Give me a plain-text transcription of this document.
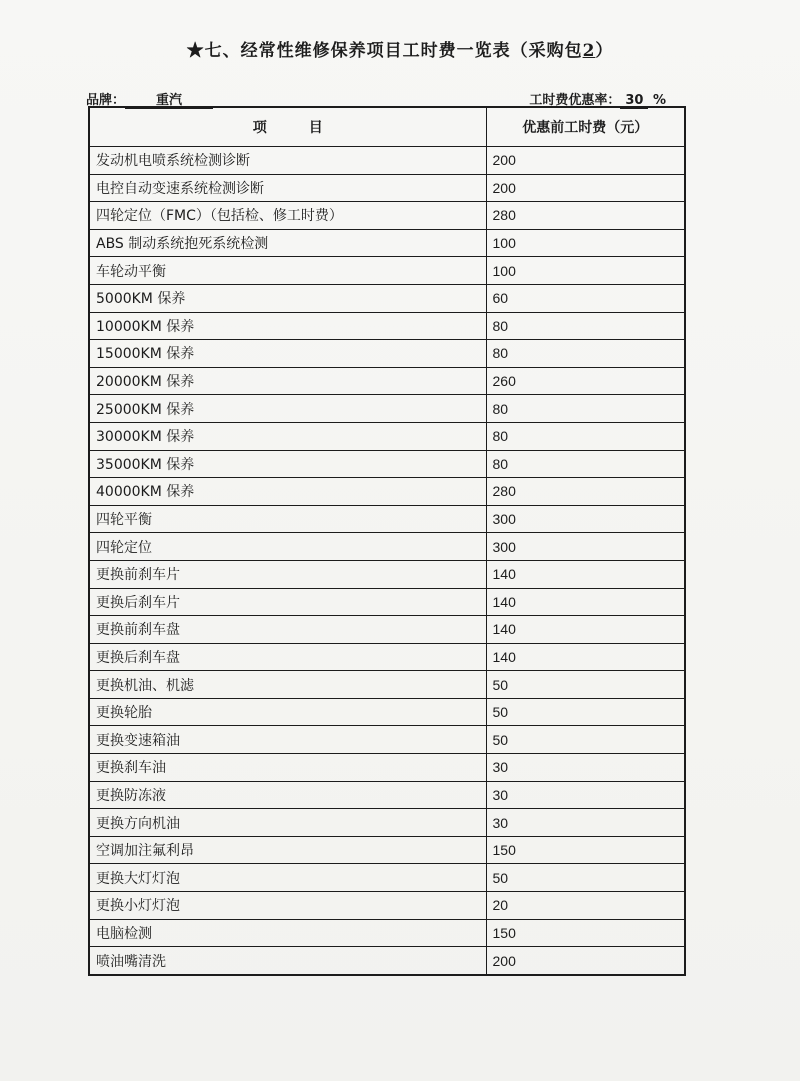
★七、经常性维修保养项目工时费一览表（采购包2）
品牌： 重汽	工时费优惠率： 30 %
项　　　目	优惠前工时费（元）
发动机电喷系统检测诊断	200
电控自动变速系统检测诊断	200
四轮定位（FMC）（包括检、修工时费）	280
ABS 制动系统抱死系统检测	100
车轮动平衡	100
5000KM 保养	60
10000KM 保养	80
15000KM 保养	80
20000KM 保养	260
25000KM 保养	80
30000KM 保养	80
35000KM 保养	80
40000KM 保养	280
四轮平衡	300
四轮定位	300
更换前刹车片	140
更换后刹车片	140
更换前刹车盘	140
更换后刹车盘	140
更换机油、机滤	50
更换轮胎	50
更换变速箱油	50
更换刹车油	30
更换防冻液	30
更换方向机油	30
空调加注氟利昂	150
更换大灯灯泡	50
更换小灯灯泡	20
电脑检测	150
喷油嘴清洗	200
